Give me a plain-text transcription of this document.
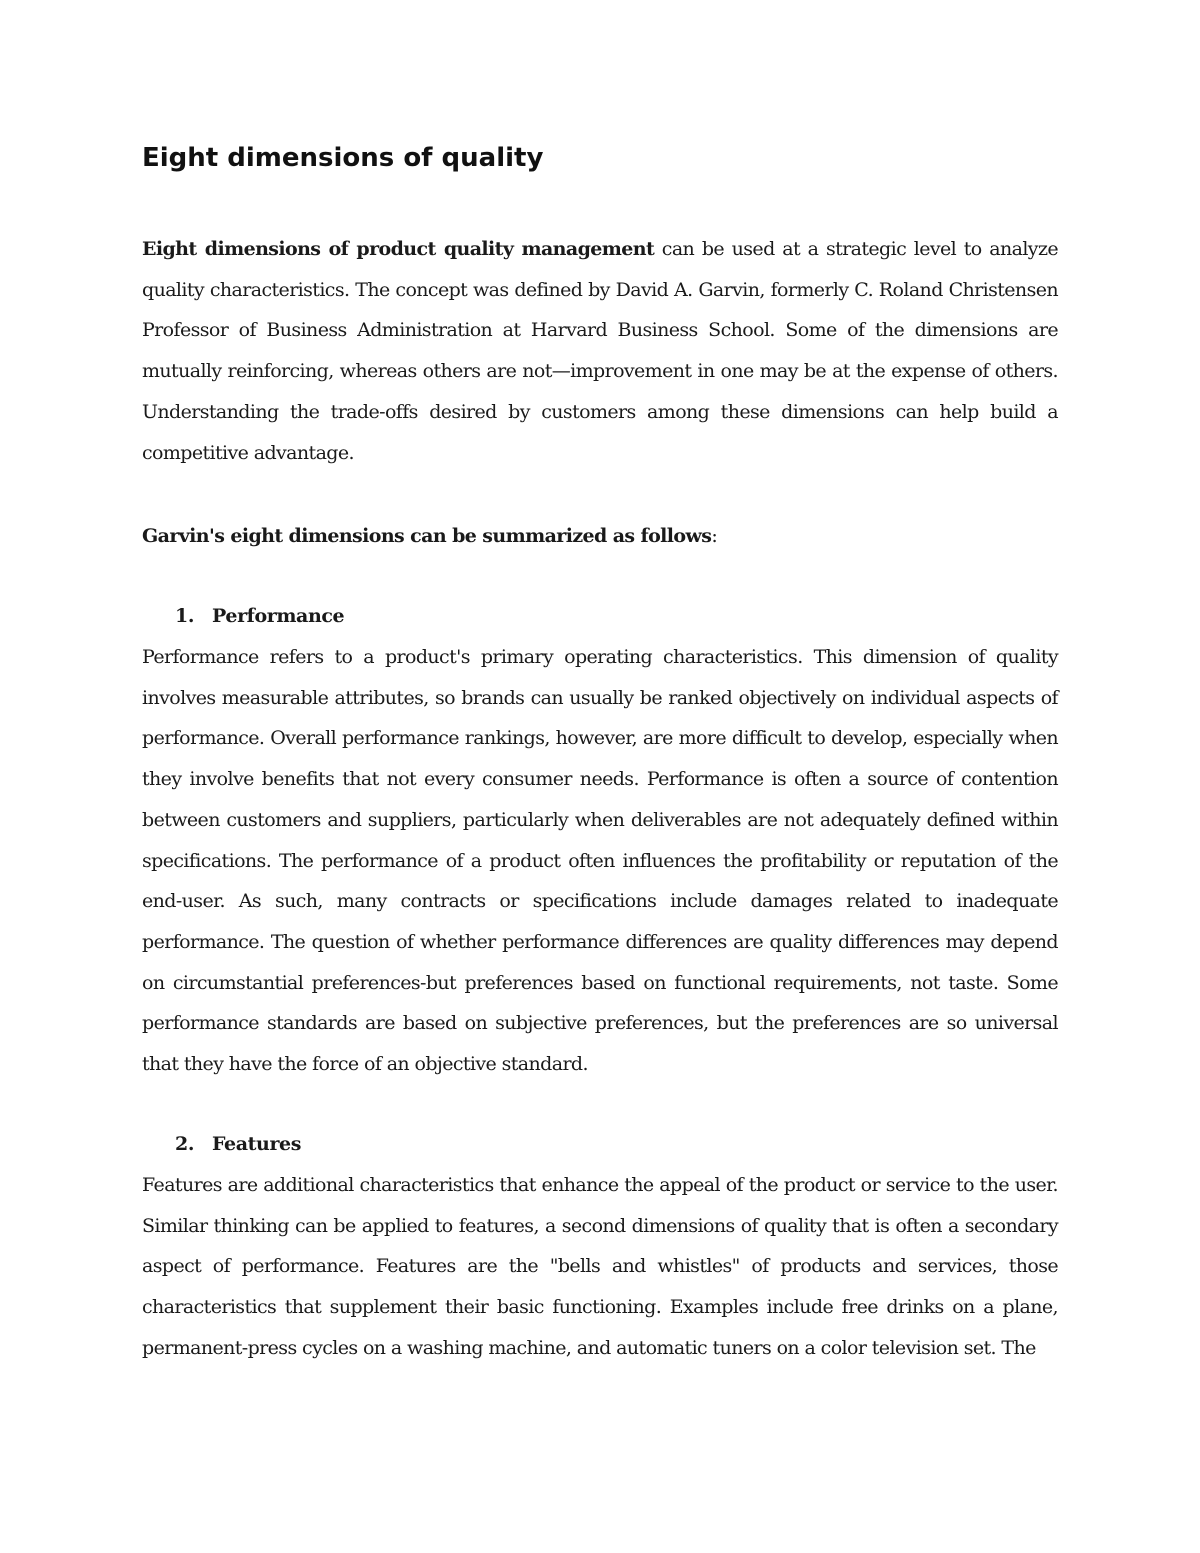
Eight dimensions of quality

Eight dimensions of product quality management can be used at a strategic level to analyze quality characteristics. The concept was defined by David A. Garvin, formerly C. Roland Christensen Professor of Business Administration at Harvard Business School. Some of the dimensions are mutually reinforcing, whereas others are not—improvement in one may be at the expense of others. Understanding the trade-offs desired by customers among these dimensions can help build a competitive advantage.

Garvin's eight dimensions can be summarized as follows:

1. Performance

Performance refers to a product's primary operating characteristics. This dimension of quality involves measurable attributes, so brands can usually be ranked objectively on individual aspects of performance. Overall performance rankings, however, are more difficult to develop, especially when they involve benefits that not every consumer needs. Performance is often a source of contention between customers and suppliers, particularly when deliverables are not adequately defined within specifications. The performance of a product often influences the profitability or reputation of the end-user. As such, many contracts or specifications include damages related to inadequate performance. The question of whether performance differences are quality differences may depend on circumstantial preferences-but preferences based on functional requirements, not taste. Some performance standards are based on subjective preferences, but the preferences are so universal that they have the force of an objective standard.

2. Features

Features are additional characteristics that enhance the appeal of the product or service to the user. Similar thinking can be applied to features, a second dimensions of quality that is often a secondary aspect of performance. Features are the "bells and whistles" of products and services, those characteristics that supplement their basic functioning. Examples include free drinks on a plane, permanent-press cycles on a washing machine, and automatic tuners on a color television set. The
